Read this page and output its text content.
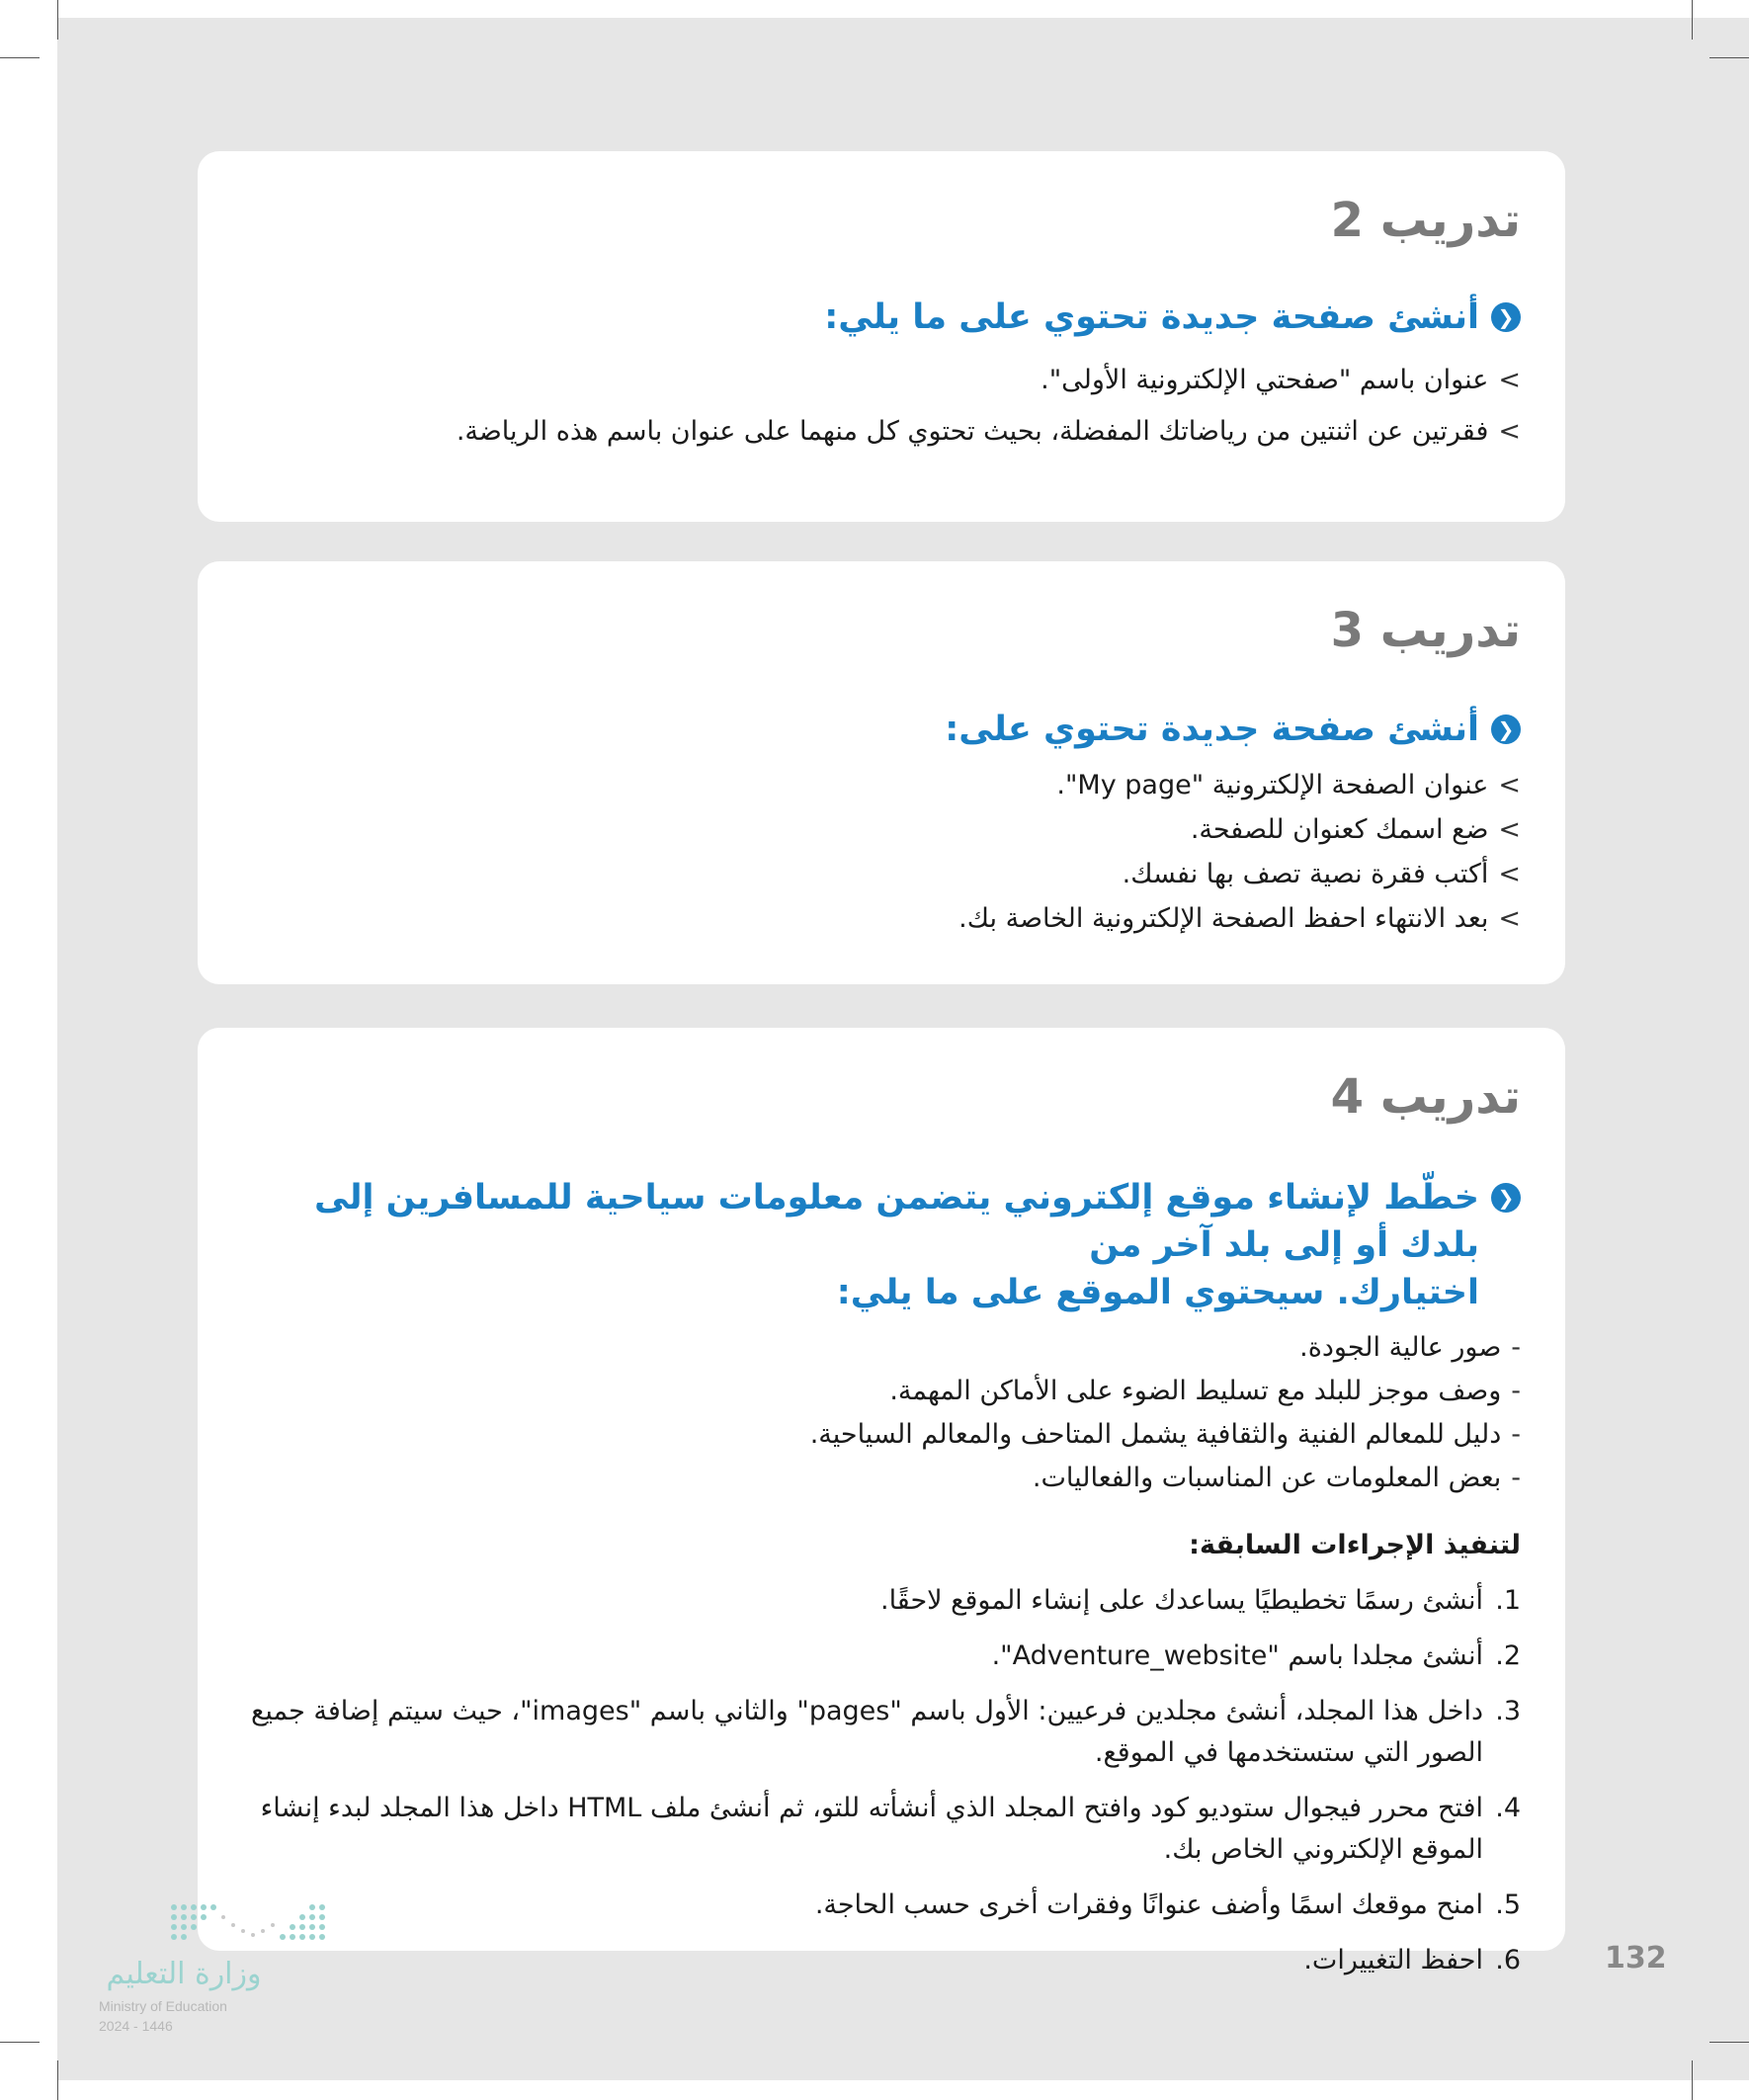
تدريب 2
❮
أنشئ صفحة جديدة تحتوي على ما يلي:
>
عنوان باسم "صفحتي الإلكترونية الأولى".
>
فقرتين عن اثنتين من رياضاتك المفضلة، بحيث تحتوي كل منهما على عنوان باسم هذه الرياضة.
تدريب 3
❮
أنشئ صفحة جديدة تحتوي على:
>
عنوان الصفحة الإلكترونية "My page".
>
ضع اسمك كعنوان للصفحة.
>
أكتب فقرة نصية تصف بها نفسك.
>
بعد الانتهاء احفظ الصفحة الإلكترونية الخاصة بك.
تدريب 4
❮
خطّط لإنشاء موقع إلكتروني يتضمن معلومات سياحية للمسافرين إلى بلدك أو إلى بلد آخر من
اختيارك. سيحتوي الموقع على ما يلي:
-
صور عالية الجودة.
-
وصف موجز للبلد مع تسليط الضوء على الأماكن المهمة.
-
دليل للمعالم الفنية والثقافية يشمل المتاحف والمعالم السياحية.
-
بعض المعلومات عن المناسبات والفعاليات.
لتنفيذ الإجراءات السابقة:
1.
أنشئ رسمًا تخطيطيًا يساعدك على إنشاء الموقع لاحقًا.
2.
أنشئ مجلدا باسم "Adventure_website".
3.
داخل هذا المجلد، أنشئ مجلدين فرعيين: الأول باسم "pages" والثاني باسم "images"، حيث سيتم إضافة جميع الصور التي ستستخدمها في الموقع.
4.
افتح محرر فيجوال ستوديو كود وافتح المجلد الذي أنشأته للتو، ثم أنشئ ملف HTML داخل هذا المجلد لبدء إنشاء الموقع الإلكتروني الخاص بك.
5.
امنح موقعك اسمًا وأضف عنوانًا وفقرات أخرى حسب الحاجة.
6.
احفظ التغييرات.
وزارة التعليم
Ministry of Education
2024 - 1446
132
